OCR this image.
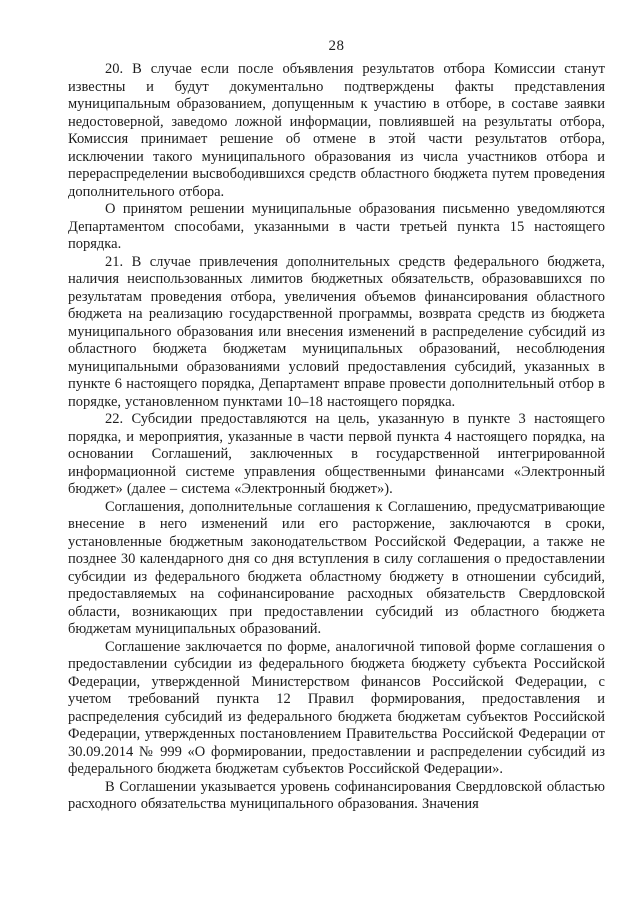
28

20. В случае если после объявления результатов отбора Комиссии станут известны и будут документально подтверждены факты представления муниципальным образованием, допущенным к участию в отборе, в составе заявки недостоверной, заведомо ложной информации, повлиявшей на результаты отбора, Комиссия принимает решение об отмене в этой части результатов отбора, исключении такого муниципального образования из числа участников отбора и перераспределении высвободившихся средств областного бюджета путем проведения дополнительного отбора.

О принятом решении муниципальные образования письменно уведомляются Департаментом способами, указанными в части третьей пункта 15 настоящего порядка.

21. В случае привлечения дополнительных средств федерального бюджета, наличия неиспользованных лимитов бюджетных обязательств, образовавшихся по результатам проведения отбора, увеличения объемов финансирования областного бюджета на реализацию государственной программы, возврата средств из бюджета муниципального образования или внесения изменений в распределение субсидий из областного бюджета бюджетам муниципальных образований, несоблюдения муниципальными образованиями условий предоставления субсидий, указанных в пункте 6 настоящего порядка, Департамент вправе провести дополнительный отбор в порядке, установленном пунктами 10–18 настоящего порядка.

22. Субсидии предоставляются на цель, указанную в пункте 3 настоящего порядка, и мероприятия, указанные в части первой пункта 4 настоящего порядка, на основании Соглашений, заключенных в государственной интегрированной информационной системе управления общественными финансами «Электронный бюджет» (далее – система «Электронный бюджет»).

Соглашения, дополнительные соглашения к Соглашению, предусматривающие внесение в него изменений или его расторжение, заключаются в сроки, установленные бюджетным законодательством Российской Федерации, а также не позднее 30 календарного дня со дня вступления в силу соглашения о предоставлении субсидии из федерального бюджета областному бюджету в отношении субсидий, предоставляемых на софинансирование расходных обязательств Свердловской области, возникающих при предоставлении субсидий из областного бюджета бюджетам муниципальных образований.

Соглашение заключается по форме, аналогичной типовой форме соглашения о предоставлении субсидии из федерального бюджета бюджету субъекта Российской Федерации, утвержденной Министерством финансов Российской Федерации, с учетом требований пункта 12 Правил формирования, предоставления и распределения субсидий из федерального бюджета бюджетам субъектов Российской Федерации, утвержденных постановлением Правительства Российской Федерации от 30.09.2014 № 999 «О формировании, предоставлении и распределении субсидий из федерального бюджета бюджетам субъектов Российской Федерации».

В Соглашении указывается уровень софинансирования Свердловской областью расходного обязательства муниципального образования. Значения
